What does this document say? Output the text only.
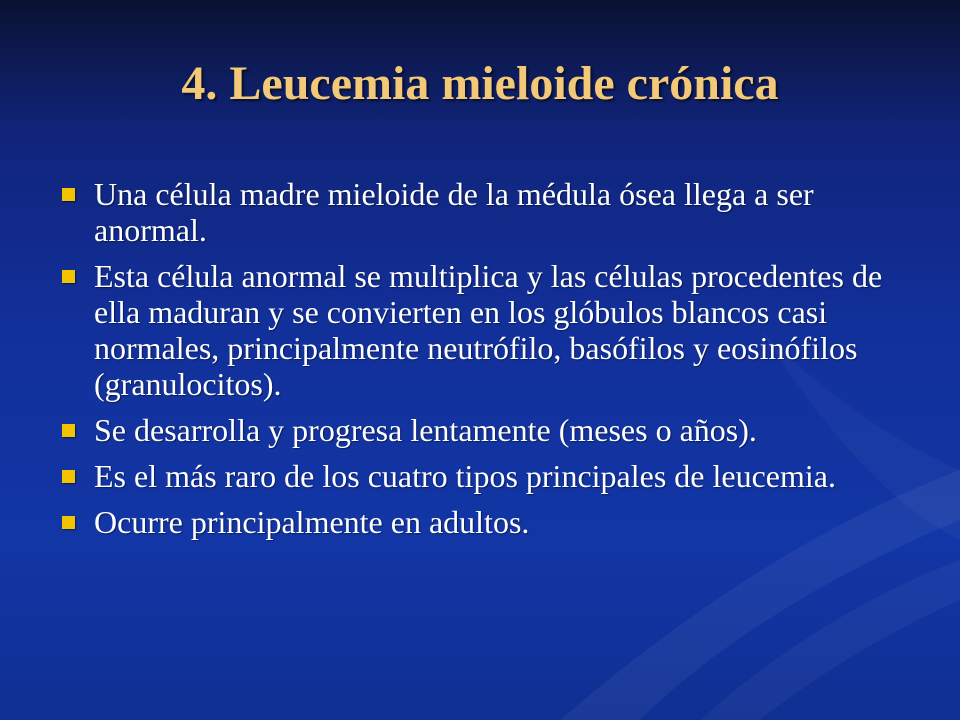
4. Leucemia mieloide crónica
Una célula madre mieloide de la médula ósea llega a ser anormal.
Esta célula anormal se multiplica y las células procedentes de ella maduran y se convierten en los glóbulos blancos casi normales, principalmente neutrófilo, basófilos y eosinófilos (granulocitos).
Se desarrolla y progresa lentamente (meses o años).
Es el más raro de los cuatro tipos principales de leucemia.
Ocurre principalmente en adultos.
